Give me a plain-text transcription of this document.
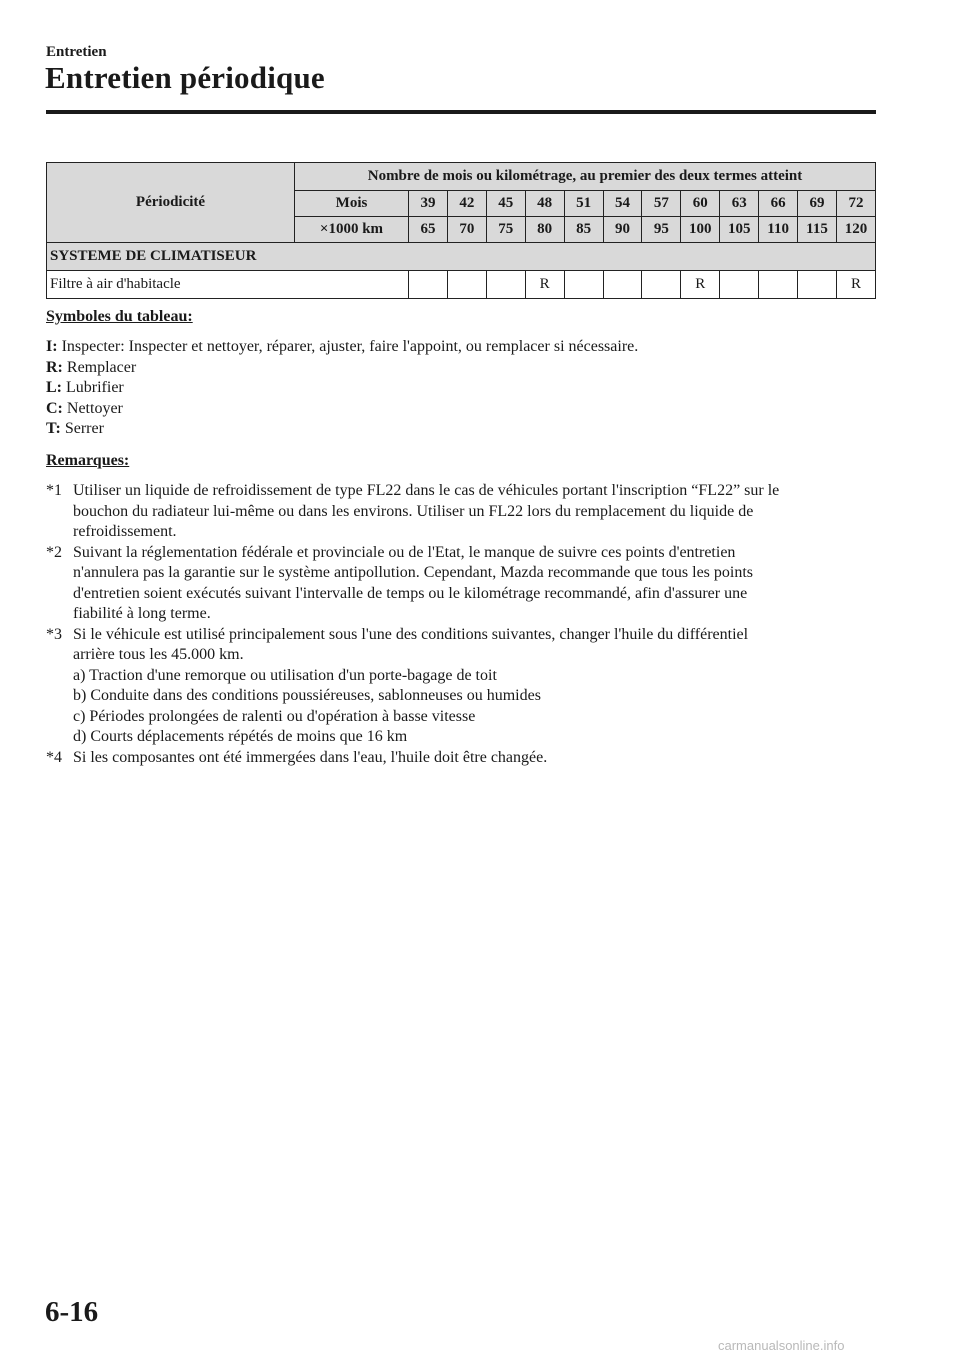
Entretien
Entretien périodique
Périodicité	Nombre de mois ou kilométrage, au premier des deux termes atteint												
	Mois	39	42	45	48	51	54	57	60	63	66	69	72
	×1000 km	65	70	75	80	85	90	95	100	105	110	115	120
SYSTEME DE CLIMATISEUR													
Filtre à air d'habitacle					R				R				R
Symboles du tableau:
I: Inspecter: Inspecter et nettoyer, réparer, ajuster, faire l'appoint, ou remplacer si nécessaire.
R: Remplacer
L: Lubrifier
C: Nettoyer
T: Serrer
Remarques:
*1 Utiliser un liquide de refroidissement de type FL22 dans le cas de véhicules portant l'inscription “FL22” sur le
bouchon du radiateur lui-même ou dans les environs. Utiliser un FL22 lors du remplacement du liquide de
refroidissement.
*2 Suivant la réglementation fédérale et provinciale ou de l'Etat, le manque de suivre ces points d'entretien
n'annulera pas la garantie sur le système antipollution. Cependant, Mazda recommande que tous les points
d'entretien soient exécutés suivant l'intervalle de temps ou le kilométrage recommandé, afin d'assurer une
fiabilité à long terme.
*3 Si le véhicule est utilisé principalement sous l'une des conditions suivantes, changer l'huile du différentiel
arrière tous les 45.000 km.
a) Traction d'une remorque ou utilisation d'un porte-bagage de toit
b) Conduite dans des conditions poussiéreuses, sablonneuses ou humides
c) Périodes prolongées de ralenti ou d'opération à basse vitesse
d) Courts déplacements répétés de moins que 16 km
*4 Si les composantes ont été immergées dans l'eau, l'huile doit être changée.
6-16
carmanualsonline.info
